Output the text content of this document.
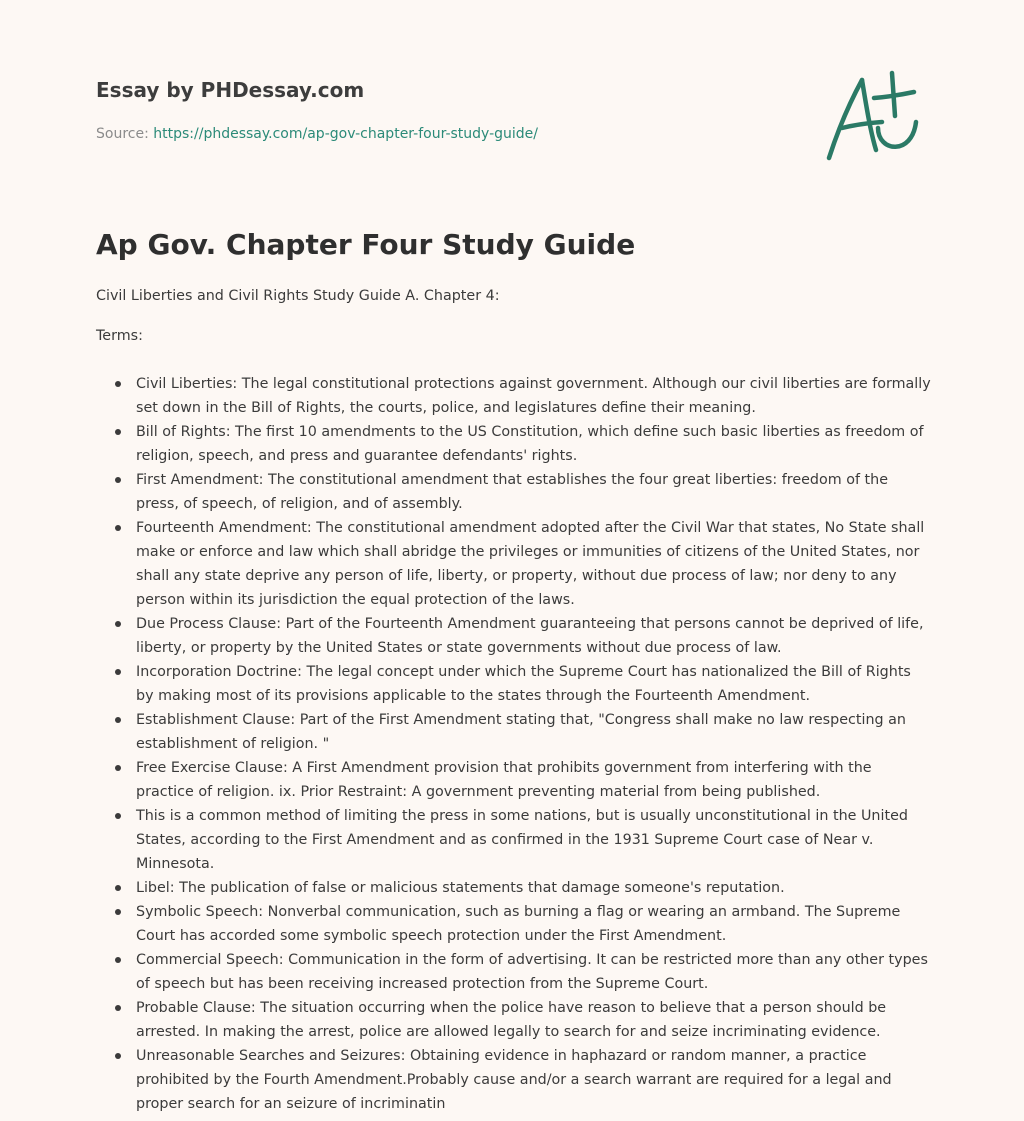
Essay by PHDessay.com
Source: https://phdessay.com/ap-gov-chapter-four-study-guide/
Ap Gov. Chapter Four Study Guide

Civil Liberties and Civil Rights Study Guide A. Chapter 4:

Terms:

Civil Liberties: The legal constitutional protections against government. Although our civil liberties are formally set down in the Bill of Rights, the courts, police, and legislatures define their meaning.
Bill of Rights: The first 10 amendments to the US Constitution, which define such basic liberties as freedom of religion, speech, and press and guarantee defendants' rights.
First Amendment: The constitutional amendment that establishes the four great liberties: freedom of the press, of speech, of religion, and of assembly.
Fourteenth Amendment: The constitutional amendment adopted after the Civil War that states, No State shall make or enforce and law which shall abridge the privileges or immunities of citizens of the United States, nor shall any state deprive any person of life, liberty, or property, without due process of law; nor deny to any person within its jurisdiction the equal protection of the laws.
Due Process Clause: Part of the Fourteenth Amendment guaranteeing that persons cannot be deprived of life, liberty, or property by the United States or state governments without due process of law.
Incorporation Doctrine: The legal concept under which the Supreme Court has nationalized the Bill of Rights by making most of its provisions applicable to the states through the Fourteenth Amendment.
Establishment Clause: Part of the First Amendment stating that, "Congress shall make no law respecting an establishment of religion. "
Free Exercise Clause: A First Amendment provision that prohibits government from interfering with the practice of religion. ix. Prior Restraint: A government preventing material from being published.
This is a common method of limiting the press in some nations, but is usually unconstitutional in the United States, according to the First Amendment and as confirmed in the 1931 Supreme Court case of Near v. Minnesota.
Libel: The publication of false or malicious statements that damage someone's reputation.
Symbolic Speech: Nonverbal communication, such as burning a flag or wearing an armband. The Supreme Court has accorded some symbolic speech protection under the First Amendment.
Commercial Speech: Communication in the form of advertising. It can be restricted more than any other types of speech but has been receiving increased protection from the Supreme Court.
Probable Clause: The situation occurring when the police have reason to believe that a person should be arrested. In making the arrest, police are allowed legally to search for and seize incriminating evidence.
Unreasonable Searches and Seizures: Obtaining evidence in haphazard or random manner, a practice prohibited by the Fourth Amendment.Probably cause and/or a search warrant are required for a legal and proper search for an seizure of incriminatin
